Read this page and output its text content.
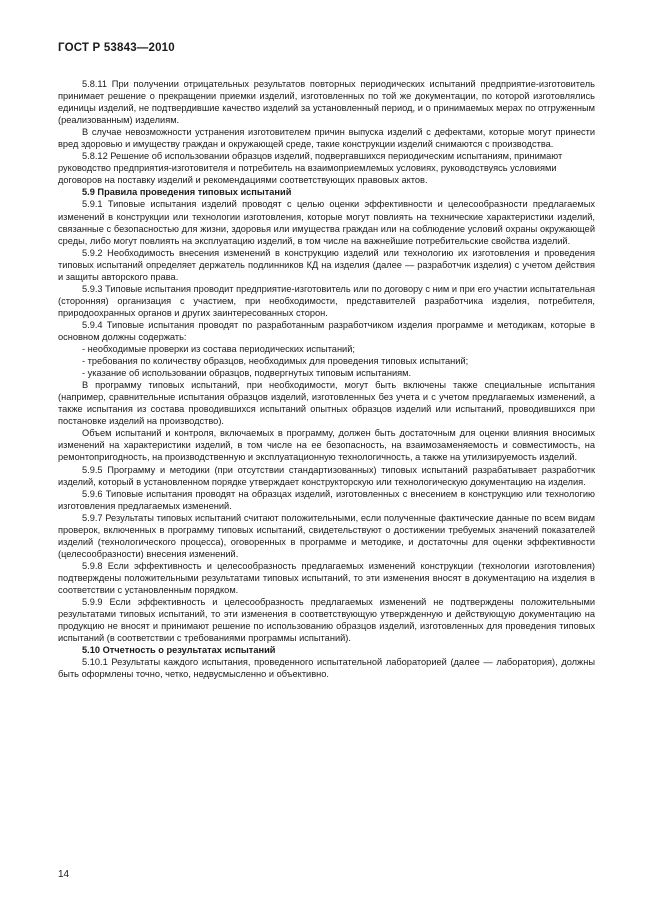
ГОСТ Р 53843—2010

5.8.11 При получении отрицательных результатов повторных периодических испытаний предприятие-изготовитель принимает решение о прекращении приемки изделий, изготовленных по той же документации, по которой изготовлялись единицы изделий, не подтвердившие качество изделий за установленный период, и о принимаемых мерах по отгруженным (реализованным) изделиям.

В случае невозможности устранения изготовителем причин выпуска изделий с дефектами, которые могут принести вред здоровью и имуществу граждан и окружающей среде, такие конструкции изделий снимаются с производства.

5.8.12 Решение об использовании образцов изделий, подвергавшихся периодическим испытаниям, принимают руководство предприятия-изготовителя и потребитель на взаимоприемлемых условиях, руководствуясь условиями договоров на поставку изделий и рекомендациями соответствующих правовых актов.

5.9 Правила проведения типовых испытаний

5.9.1 Типовые испытания изделий проводят с целью оценки эффективности и целесообразности предлагаемых изменений в конструкции или технологии изготовления, которые могут повлиять на технические характеристики изделий, связанные с безопасностью для жизни, здоровья или имущества граждан или на соблюдение условий охраны окружающей среды, либо могут повлиять на эксплуатацию изделий, в том числе на важнейшие потребительские свойства изделий.

5.9.2 Необходимость внесения изменений в конструкцию изделий или технологию их изготовления и проведения типовых испытаний определяет держатель подлинников КД на изделия (далее — разработчик изделия) с учетом действия и защиты авторского права.

5.9.3 Типовые испытания проводит предприятие-изготовитель или по договору с ним и при его участии испытательная (сторонняя) организация с участием, при необходимости, представителей разработчика изделия, потребителя, природоохранных органов и других заинтересованных сторон.

5.9.4 Типовые испытания проводят по разработанным разработчиком изделия программе и методикам, которые в основном должны содержать:

- необходимые проверки из состава периодических испытаний;

- требования по количеству образцов, необходимых для проведения типовых испытаний;

- указание об использовании образцов, подвергнутых типовым испытаниям.

В программу типовых испытаний, при необходимости, могут быть включены также специальные испытания (например, сравнительные испытания образцов изделий, изготовленных без учета и с учетом предлагаемых изменений, а также испытания из состава проводившихся испытаний опытных образцов изделий или испытаний, проводившихся при постановке изделий на производство).

Объем испытаний и контроля, включаемых в программу, должен быть достаточным для оценки влияния вносимых изменений на характеристики изделий, в том числе на ее безопасность, на взаимозаменяемость и совместимость, на ремонтопригодность, на производственную и эксплуатационную технологичность, а также на утилизируемость изделий.

5.9.5 Программу и методики (при отсутствии стандартизованных) типовых испытаний разрабатывает разработчик изделий, который в установленном порядке утверждает конструкторскую или технологическую документацию на изделия.

5.9.6 Типовые испытания проводят на образцах изделий, изготовленных с внесением в конструкцию или технологию изготовления предлагаемых изменений.

5.9.7 Результаты типовых испытаний считают положительными, если полученные фактические данные по всем видам проверок, включенных в программу типовых испытаний, свидетельствуют о достижении требуемых значений показателей изделий (технологического процесса), оговоренных в программе и методике, и достаточны для оценки эффективности (целесообразности) внесения изменений.

5.9.8 Если эффективность и целесообразность предлагаемых изменений конструкции (технологии изготовления) подтверждены положительными результатами типовых испытаний, то эти изменения вносят в документацию на изделия в соответствии с установленным порядком.

5.9.9 Если эффективность и целесообразность предлагаемых изменений не подтверждены положительными результатами типовых испытаний, то эти изменения в соответствующую утвержденную и действующую документацию на продукцию не вносят и принимают решение по использованию образцов изделий, изготовленных для проведения типовых испытаний (в соответствии с требованиями программы испытаний).

5.10 Отчетность о результатах испытаний

5.10.1 Результаты каждого испытания, проведенного испытательной лабораторией (далее — лаборатория), должны быть оформлены точно, четко, недвусмысленно и объективно.

14
